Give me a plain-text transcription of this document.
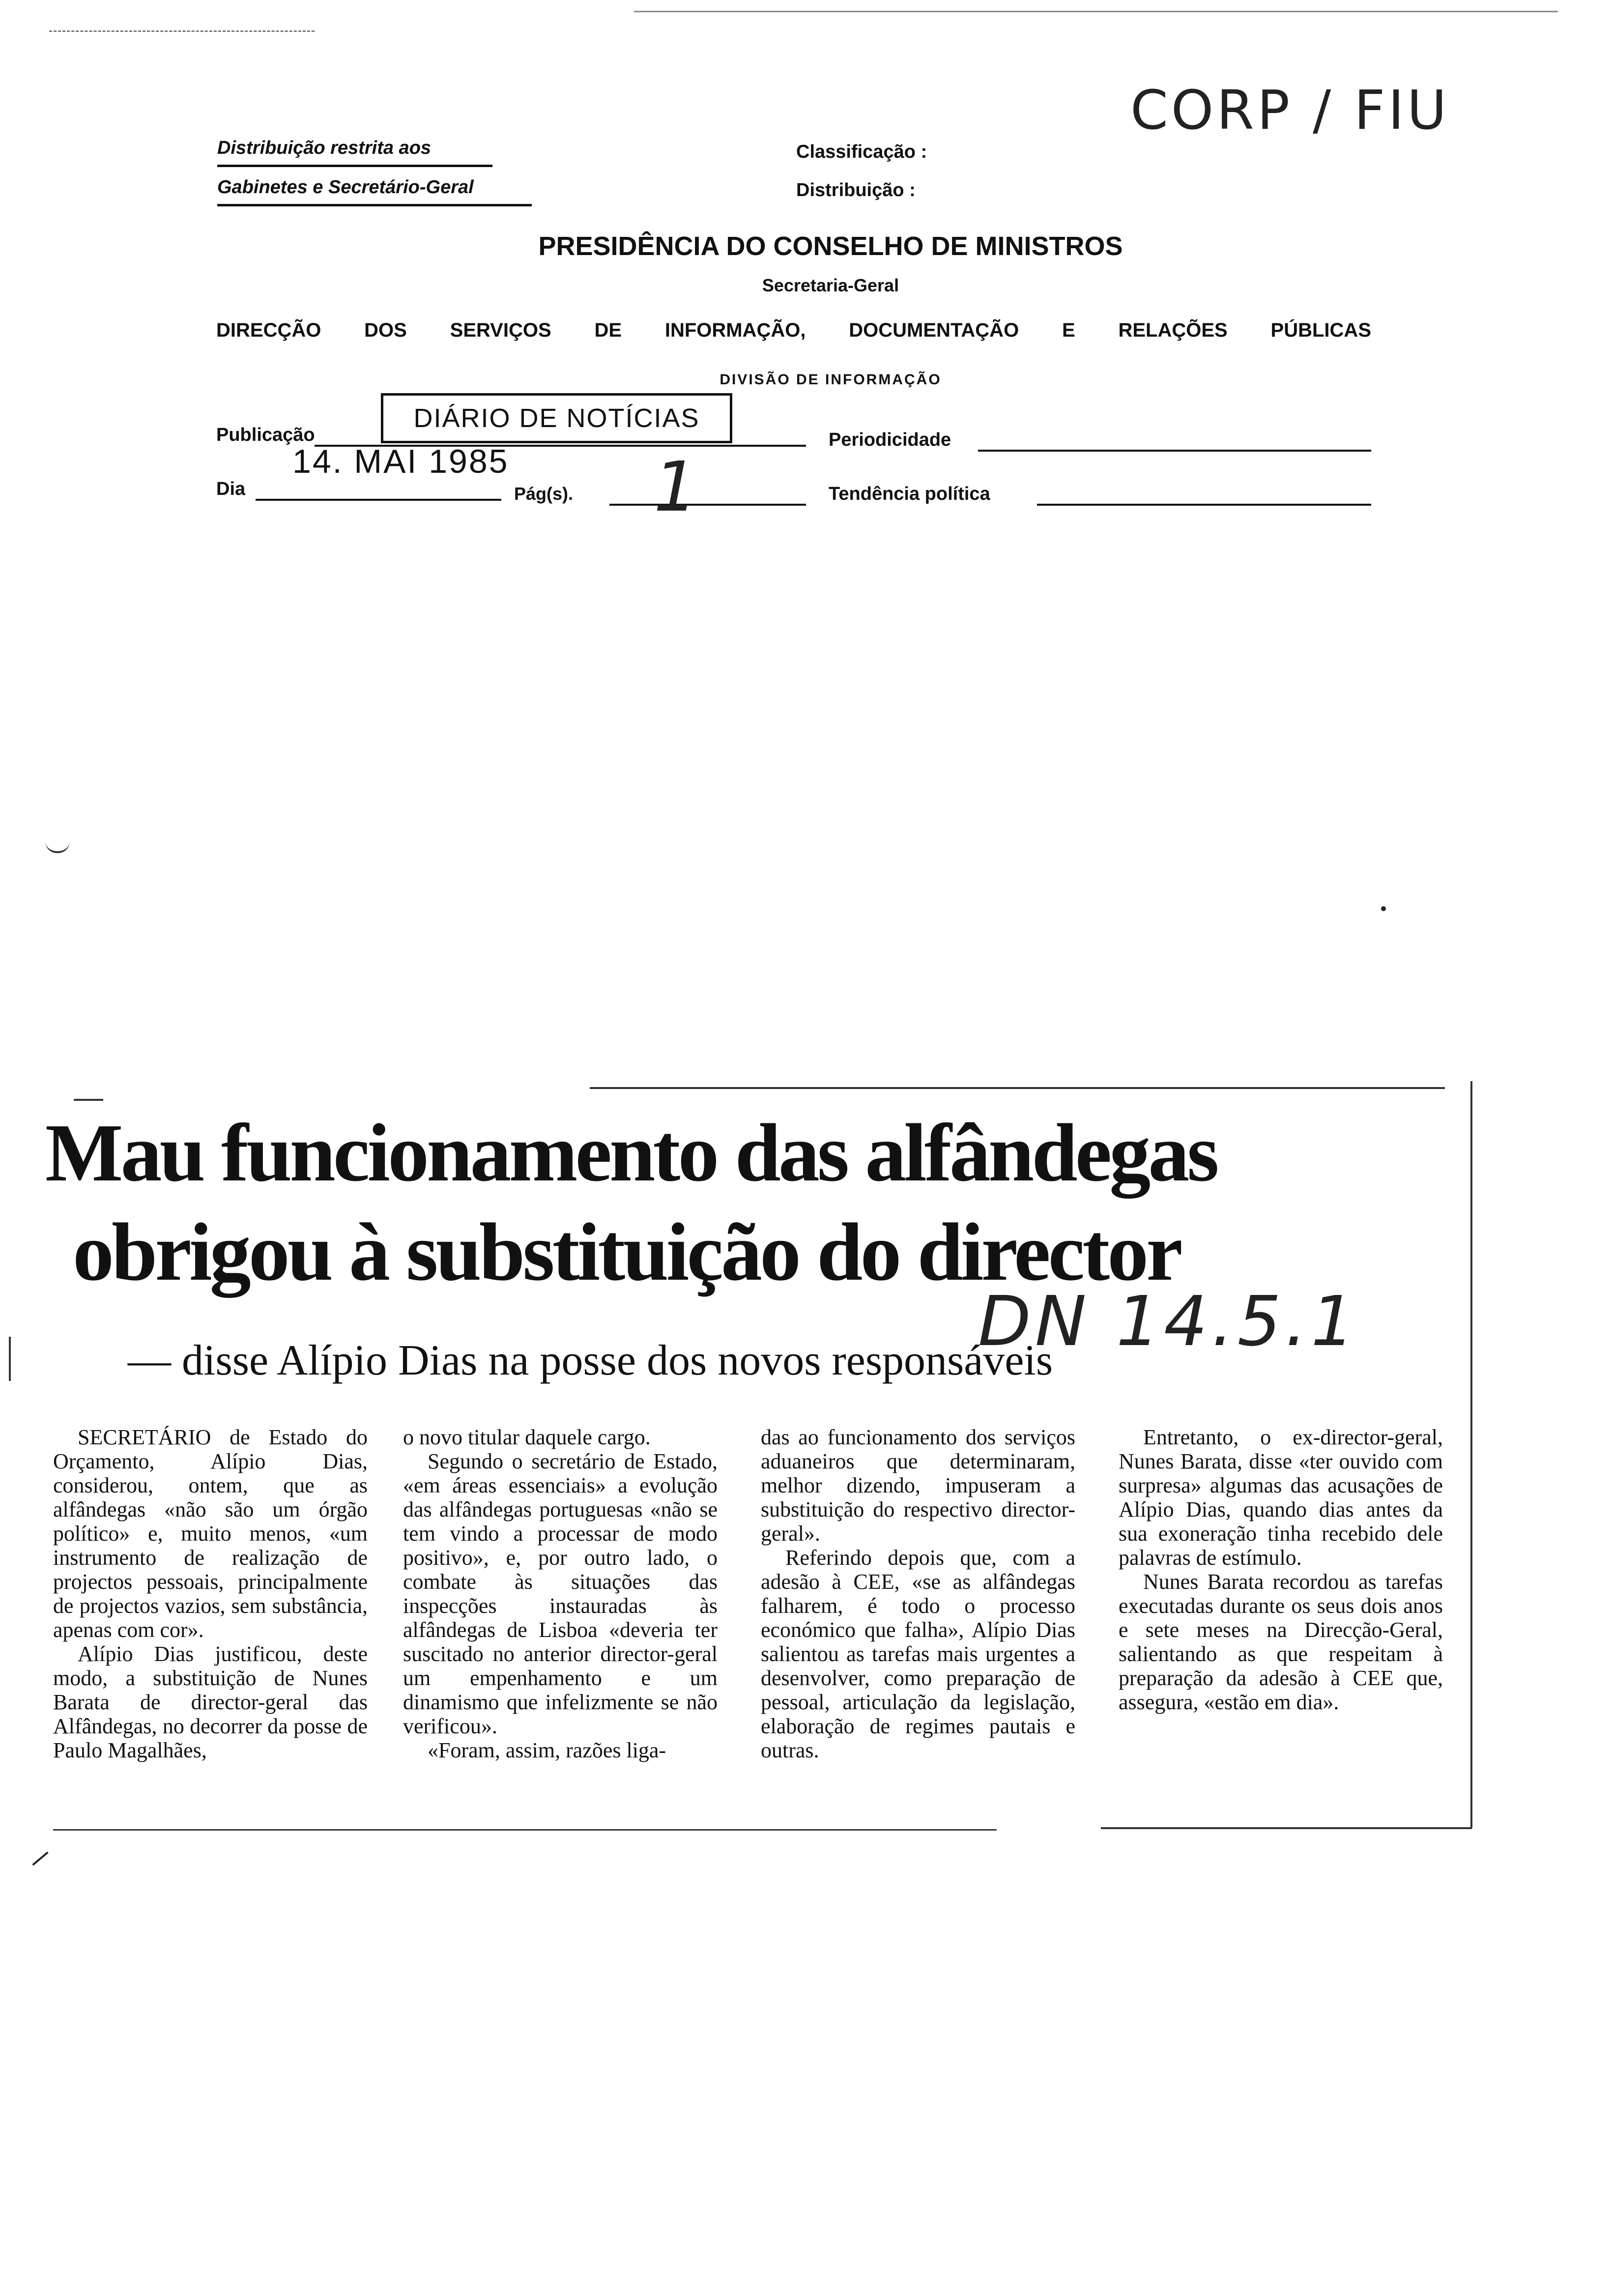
Distribuição restrita aos
Gabinetes e Secretário-Geral
Classificação :
Distribuição :
CORP / FIU
PRESIDÊNCIA DO CONSELHO DE MINISTROS
Secretaria-Geral
DIRECÇÃO DOS SERVIÇOS DE INFORMAÇÃO, DOCUMENTAÇÃO E RELAÇÕES PÚBLICAS
DIVISÃO DE INFORMAÇÃO
Publicação
DIÁRIO DE NOTÍCIAS
Periodicidade
Dia
14. MAI 1985
Pág(s). 1	Tendência política
Mau funcionamento das alfândegas
obrigou à substituição do director
— disse Alípio Dias na posse dos novos responsáveis
DN 14.5.1

SECRETÁRIO de Estado do Orçamento, Alípio Dias, considerou, ontem, que as alfândegas «não são um órgão político» e, muito menos, «um instrumento de realização de projectos pessoais, principalmente de projectos vazios, sem substância, apenas com cor».

Alípio Dias justificou, deste modo, a substituição de Nunes Barata de director-geral das Alfândegas, no decorrer da posse de Paulo Magalhães,

o novo titular daquele cargo.

Segundo o secretário de Estado, «em áreas essenciais» a evolução das alfândegas portuguesas «não se tem vindo a processar de modo positivo», e, por outro lado, o combate às situações das inspecções instauradas às alfândegas de Lisboa «deveria ter suscitado no anterior director-geral um empenhamento e um dinamismo que infelizmente se não verificou».

«Foram, assim, razões liga-

das ao funcionamento dos serviços aduaneiros que determinaram, melhor dizendo, impuseram a substituição do respectivo director-geral».

Referindo depois que, com a adesão à CEE, «se as alfândegas falharem, é todo o processo económico que falha», Alípio Dias salientou as tarefas mais urgentes a desenvolver, como preparação de pessoal, articulação da legislação, elaboração de regimes pautais e outras.

Entretanto, o ex-director-geral, Nunes Barata, disse «ter ouvido com surpresa» algumas das acusações de Alípio Dias, quando dias antes da sua exoneração tinha recebido dele palavras de estímulo.

Nunes Barata recordou as tarefas executadas durante os seus dois anos e sete meses na Direcção-Geral, salientando as que respeitam à preparação da adesão à CEE que, assegura, «estão em dia».
